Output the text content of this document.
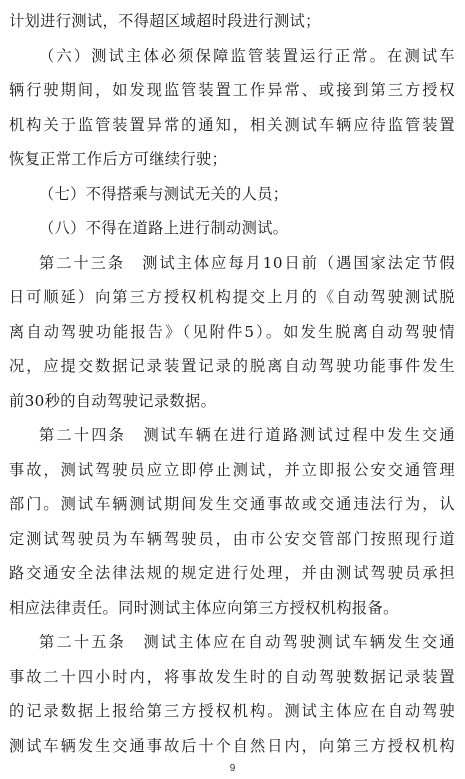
计划进行测试，不得超区域超时段进行测试；
（六）测试主体必须保障监管装置运行正常。在测试车
辆行驶期间，如发现监管装置工作异常、或接到第三方授权
机构关于监管装置异常的通知，相关测试车辆应待监管装置
恢复正常工作后方可继续行驶；
（七）不得搭乘与测试无关的人员；
（八）不得在道路上进行制动测试。
第二十三条　测试主体应每月10日前（遇国家法定节假
日可顺延）向第三方授权机构提交上月的《自动驾驶测试脱
离自动驾驶功能报告》（见附件5）。如发生脱离自动驾驶情
况，应提交数据记录装置记录的脱离自动驾驶功能事件发生
前30秒的自动驾驶记录数据。
第二十四条　测试车辆在进行道路测试过程中发生交通
事故，测试驾驶员应立即停止测试，并立即报公安交通管理
部门。测试车辆测试期间发生交通事故或交通违法行为，认
定测试驾驶员为车辆驾驶员，由市公安交管部门按照现行道
路交通安全法律法规的规定进行处理，并由测试驾驶员承担
相应法律责任。同时测试主体应向第三方授权机构报备。
第二十五条　测试主体应在自动驾驶测试车辆发生交通
事故二十四小时内，将事故发生时的自动驾驶数据记录装置
的记录数据上报给第三方授权机构。测试主体应在自动驾驶
测试车辆发生交通事故后十个自然日内，向第三方授权机构
9
